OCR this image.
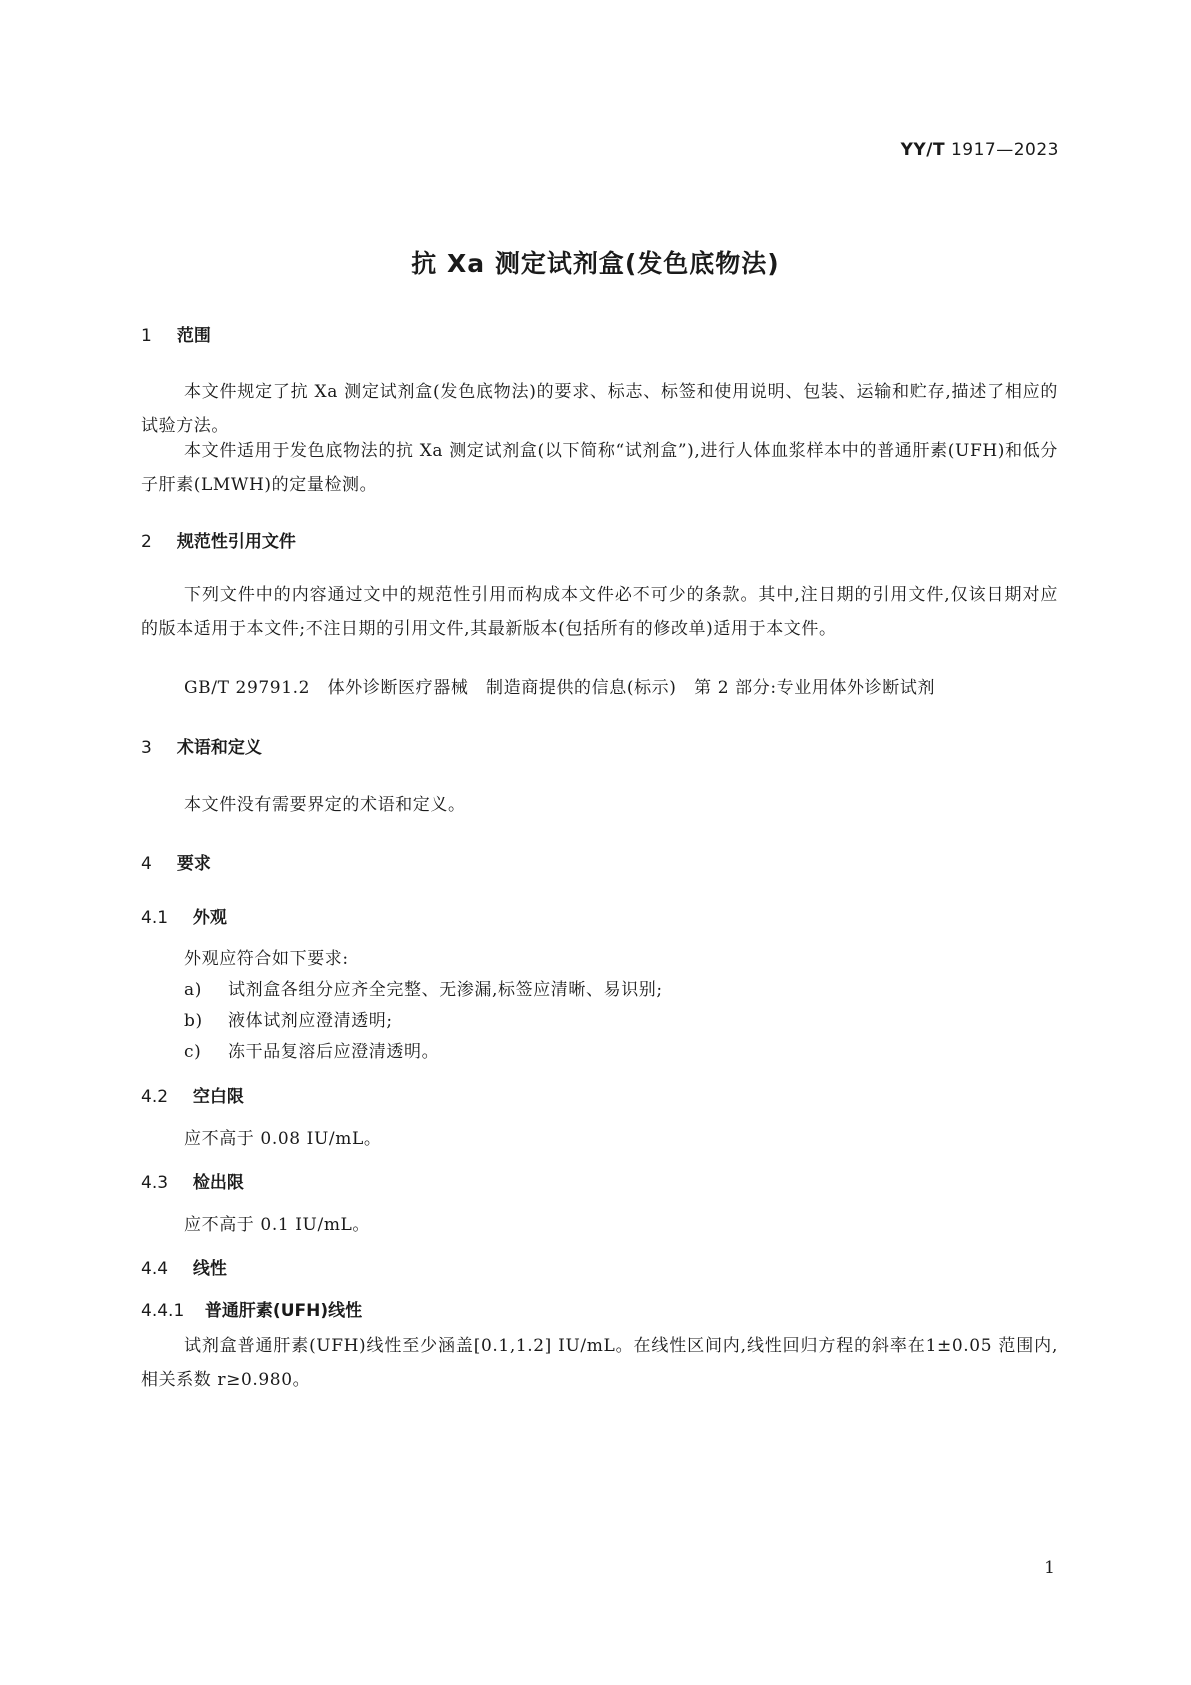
YY/T 1917—2023
抗 Xa 测定试剂盒(发色底物法)
1 范围
本文件规定了抗 Xa 测定试剂盒(发色底物法)的要求、标志、标签和使用说明、包装、运输和贮存,描述了相应的试验方法。
本文件适用于发色底物法的抗 Xa 测定试剂盒(以下简称“试剂盒”),进行人体血浆样本中的普通肝素(UFH)和低分子肝素(LMWH)的定量检测。
2 规范性引用文件
下列文件中的内容通过文中的规范性引用而构成本文件必不可少的条款。其中,注日期的引用文件,仅该日期对应的版本适用于本文件;不注日期的引用文件,其最新版本(包括所有的修改单)适用于本文件。
GB/T 29791.2　体外诊断医疗器械　制造商提供的信息(标示)　第 2 部分:专业用体外诊断试剂
3 术语和定义
本文件没有需要界定的术语和定义。
4 要求
4.1 外观
外观应符合如下要求:
a) 试剂盒各组分应齐全完整、无渗漏,标签应清晰、易识别;
b) 液体试剂应澄清透明;
c) 冻干品复溶后应澄清透明。
4.2 空白限
应不高于 0.08 IU/mL。
4.3 检出限
应不高于 0.1 IU/mL。
4.4 线性
4.4.1 普通肝素(UFH)线性
试剂盒普通肝素(UFH)线性至少涵盖[0.1,1.2] IU/mL。在线性区间内,线性回归方程的斜率在1±0.05 范围内,相关系数 r≥0.980。
1
